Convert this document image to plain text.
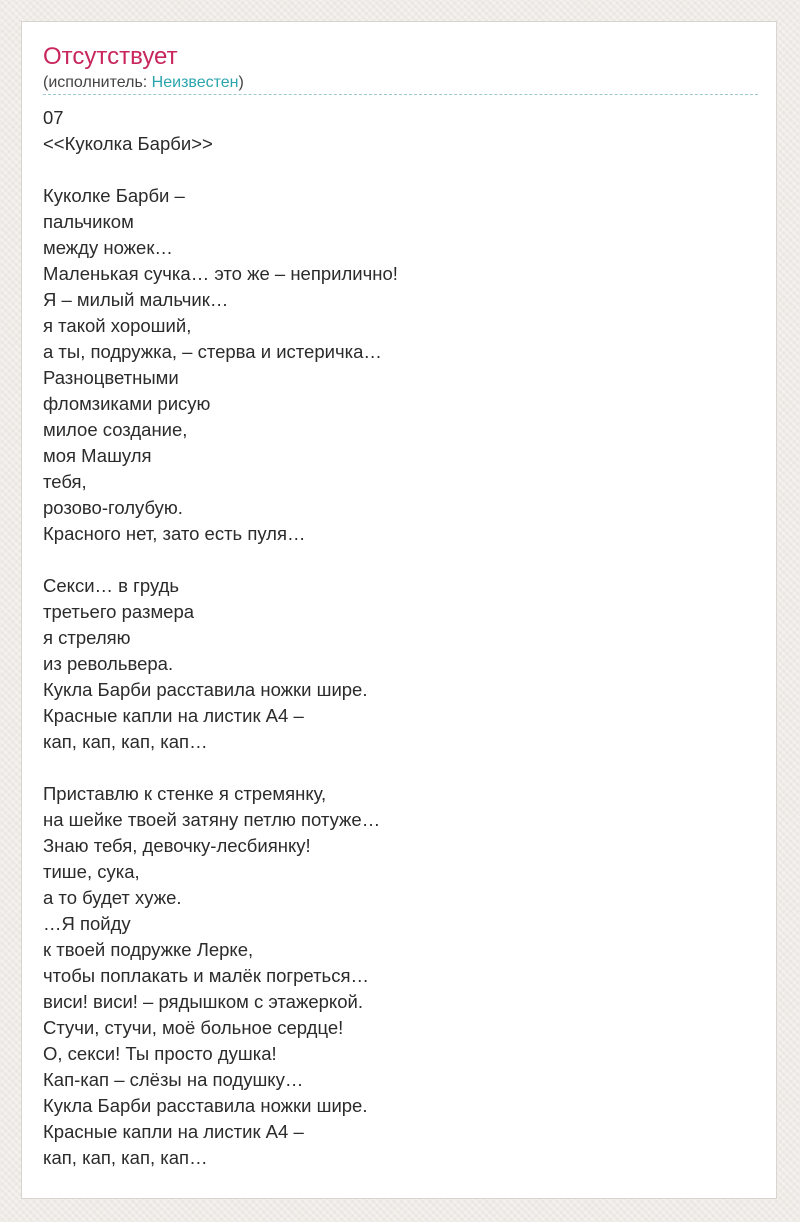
Отсутствует
(исполнитель: Неизвестен)
07
<<Куколка Барби>>
Куколке Барби –
пальчиком
между ножек…
Маленькая сучка… это же – неприлично!
Я – милый мальчик…
я такой хороший,
а ты, подружка, – стерва и истеричка…
Разноцветными
фломзиками рисую
милое создание,
моя Машуля
тебя,
розово-голубую.
Красного нет, зато есть пуля…
Секси… в грудь
третьего размера
я стреляю
из револьвера.
Кукла Барби расставила ножки шире.
Красные капли на листик А4 –
кап, кап, кап, кап…
Приставлю к стенке я стремянку,
на шейке твоей затяну петлю потуже…
Знаю тебя, девочку-лесбиянку!
тише, сука,
а то будет хуже.
…Я пойду
к твоей подружке Лерке,
чтобы поплакать и малёк погреться…
виси! виси! – рядышком с этажеркой.
Стучи, стучи, моё больное сердце!
О, секси! Ты просто душка!
Кап-кап – слёзы на подушку…
Кукла Барби расставила ножки шире.
Красные капли на листик А4 –
кап, кап, кап, кап…
